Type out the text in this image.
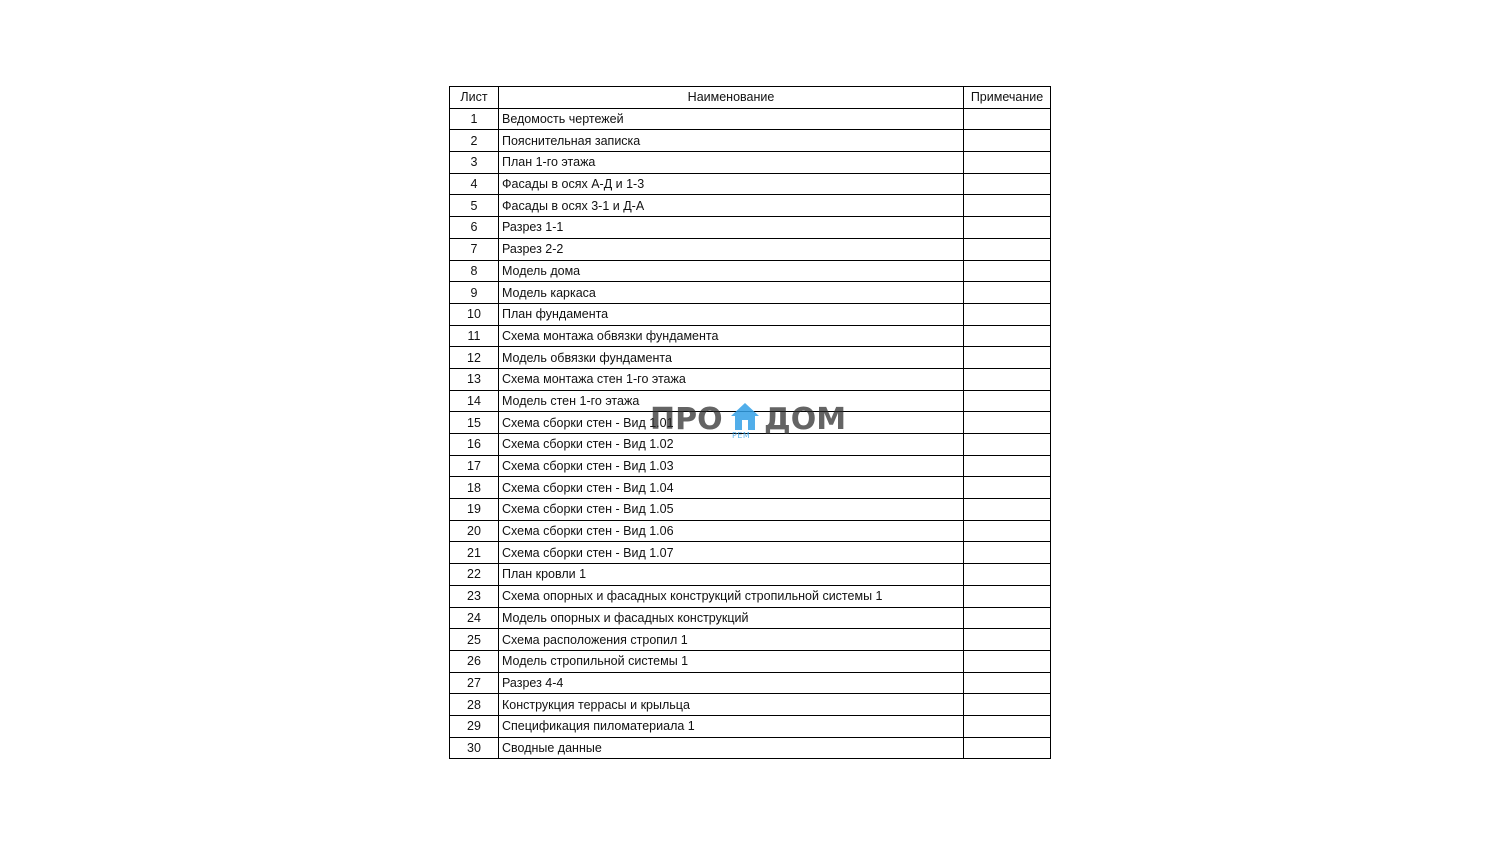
Лист	Наименование	Примечание
1	Ведомость чертежей	
2	Пояснительная записка	
3	План 1-го этажа	
4	Фасады в осях А-Д и 1-3	
5	Фасады в осях 3-1 и Д-А	
6	Разрез 1-1	
7	Разрез 2-2	
8	Модель дома	
9	Модель каркаса	
10	План фундамента	
11	Схема монтажа обвязки фундамента	
12	Модель обвязки фундамента	
13	Схема монтажа стен 1-го этажа	
14	Модель стен 1-го этажа	
15	Схема сборки стен - Вид 1.01	
16	Схема сборки стен - Вид 1.02	
17	Схема сборки стен - Вид 1.03	
18	Схема сборки стен - Вид 1.04	
19	Схема сборки стен - Вид 1.05	
20	Схема сборки стен - Вид 1.06	
21	Схема сборки стен - Вид 1.07	
22	План кровли 1	
23	Схема опорных и фасадных конструкций стропильной системы 1	
24	Модель опорных и фасадных конструкций	
25	Схема расположения стропил 1	
26	Модель стропильной системы 1	
27	Разрез 4-4	
28	Конструкция террасы и крыльца	
29	Спецификация пиломатериала 1	
30	Сводные данные	
ПРО ДОМ
РЕМ
